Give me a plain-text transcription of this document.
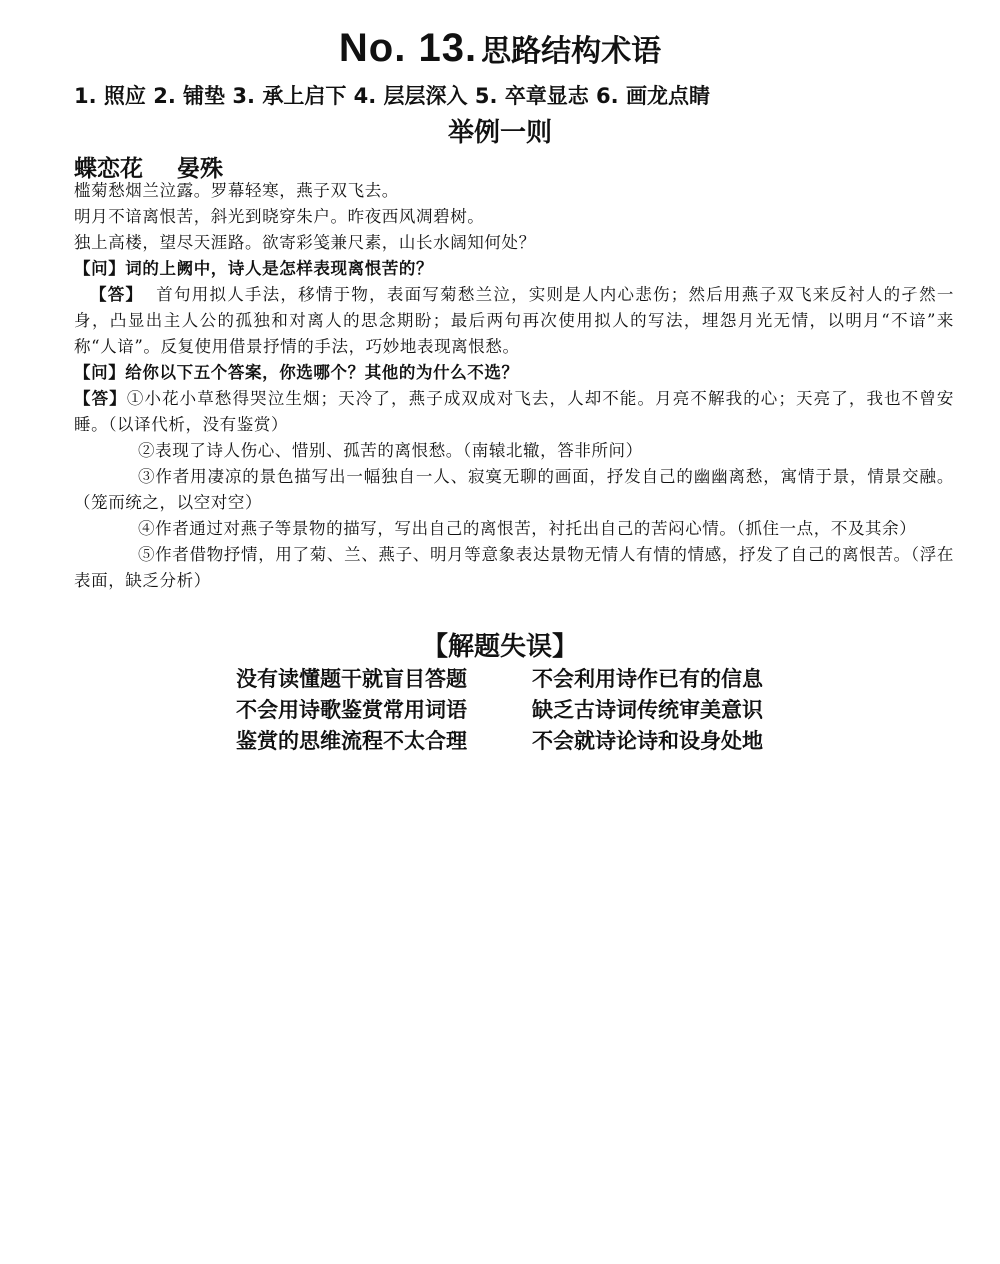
No. 13. 思路结构术语
1. 照应 2. 铺垫 3. 承上启下 4. 层层深入 5. 卒章显志 6. 画龙点睛
举例一则
蝶恋花 晏殊
槛菊愁烟兰泣露。罗幕轻寒，燕子双飞去。
明月不谙离恨苦，斜光到晓穿朱户。昨夜西风凋碧树。
独上高楼，望尽天涯路。欲寄彩笺兼尺素，山长水阔知何处？
【问】词的上阙中，诗人是怎样表现离恨苦的？
【答】 首句用拟人手法，移情于物，表面写菊愁兰泣，实则是人内心悲伤；然后用燕子双飞来反衬人的孑然一身，凸显出主人公的孤独和对离人的思念期盼；最后两句再次使用拟人的写法，埋怨月光无情，以明月“不谙”来称“人谙”。反复使用借景抒情的手法，巧妙地表现离恨愁。
【问】给你以下五个答案，你选哪个？其他的为什么不选？
【答】①小花小草愁得哭泣生烟；天冷了，燕子成双成对飞去，人却不能。月亮不解我的心；天亮了，我也不曾安睡。（以译代析，没有鉴赏）
②表现了诗人伤心、惜别、孤苦的离恨愁。（南辕北辙，答非所问）
③作者用凄凉的景色描写出一幅独自一人、寂寞无聊的画面，抒发自己的幽幽离愁，寓情于景，情景交融。（笼而统之，以空对空）
④作者通过对燕子等景物的描写，写出自己的离恨苦，衬托出自己的苦闷心情。（抓住一点，不及其余）
⑤作者借物抒情，用了菊、兰、燕子、明月等意象表达景物无情人有情的情感，抒发了自己的离恨苦。（浮在表面，缺乏分析）
【解题失误】
没有读懂题干就盲目答题	不会利用诗作已有的信息
不会用诗歌鉴赏常用词语	缺乏古诗词传统审美意识
鉴赏的思维流程不太合理	不会就诗论诗和设身处地
